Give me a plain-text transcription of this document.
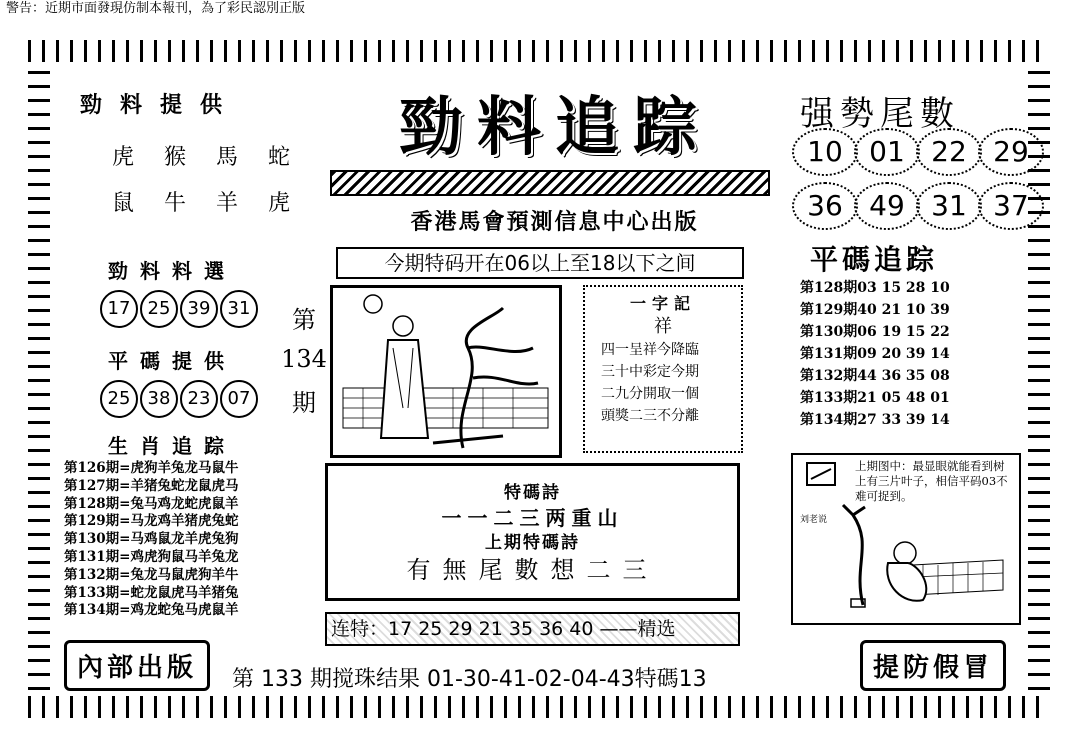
警告：近期市面發現仿制本報刊，為了彩民認別正版
勁料追踪
香港馬會預測信息中心出版
今期特码开在06以上至18以下之间
勁料提供
虎猴馬蛇
鼠牛羊虎
勁料料選
17 25 39 31
平碼提供
25 38 23 07
生肖追踪
第126期=虎狗羊兔龙马鼠牛
第127期=羊猪兔蛇龙鼠虎马
第128期=兔马鸡龙蛇虎鼠羊
第129期=马龙鸡羊猪虎兔蛇
第130期=马鸡鼠龙羊虎兔狗
第131期=鸡虎狗鼠马羊兔龙
第132期=兔龙马鼠虎狗羊牛
第133期=蛇龙鼠虎马羊猪兔
第134期=鸡龙蛇兔马虎鼠羊
第
134
期
一字記
祥
四一呈祥今降臨
三十中彩定今期
二九分開取一個
頭獎二三不分離
特碼詩
一一二三两重山
上期特碼詩
有無尾數想二三
连特：17 25 29 21 35 36 40 ——精选
强勢尾數
10 01 22 29
36 49 31 37
平碼追踪
第128期03 15 28 10
第129期40 21 10 39
第130期06 19 15 22
第131期09 20 39 14
第132期44 36 35 08
第133期21 05 48 01
第134期27 33 39 14
刘老说
上期图中：最显眼就能看到树上有三片叶子，相信平码03不难可捉到。
內部出版	提防假冒
第 133 期搅珠结果 01-30-41-02-04-43特碼13
